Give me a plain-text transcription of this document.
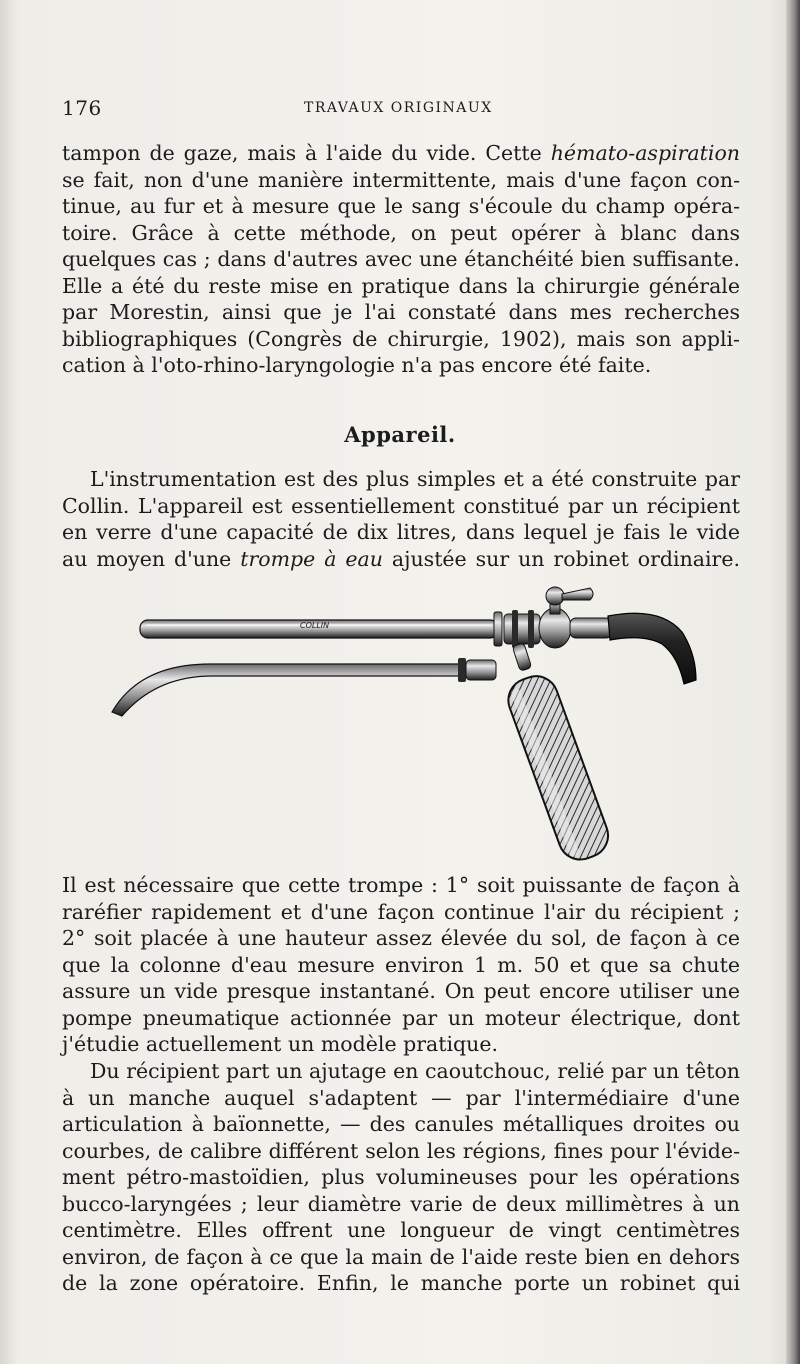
176	TRAVAUX ORIGINAUX
tampon de gaze, mais à l'aide du vide. Cette hémato-aspiration
se fait, non d'une manière intermittente, mais d'une façon con-
tinue, au fur et à mesure que le sang s'écoule du champ opéra-
toire. Grâce à cette méthode, on peut opérer à blanc dans
quelques cas ; dans d'autres avec une étanchéité bien suffisante.
Elle a été du reste mise en pratique dans la chirurgie générale
par Morestin, ainsi que je l'ai constaté dans mes recherches
bibliographiques (Congrès de chirurgie, 1902), mais son appli-
cation à l'oto-rhino-laryngologie n'a pas encore été faite.
Appareil.
L'instrumentation est des plus simples et a été construite par
Collin. L'appareil est essentiellement constitué par un récipient
en verre d'une capacité de dix litres, dans lequel je fais le vide
au moyen d'une trompe à eau ajustée sur un robinet ordinaire.
COLLIN
Il est nécessaire que cette trompe : 1° soit puissante de façon à
raréfier rapidement et d'une façon continue l'air du récipient ;
2° soit placée à une hauteur assez élevée du sol, de façon à ce
que la colonne d'eau mesure environ 1 m. 50 et que sa chute
assure un vide presque instantané. On peut encore utiliser une
pompe pneumatique actionnée par un moteur électrique, dont
j'étudie actuellement un modèle pratique.
Du récipient part un ajutage en caoutchouc, relié par un têton
à un manche auquel s'adaptent — par l'intermédiaire d'une
articulation à baïonnette, — des canules métalliques droites ou
courbes, de calibre différent selon les régions, fines pour l'évide-
ment pétro-mastoïdien, plus volumineuses pour les opérations
bucco-laryngées ; leur diamètre varie de deux millimètres à un
centimètre. Elles offrent une longueur de vingt centimètres
environ, de façon à ce que la main de l'aide reste bien en dehors
de la zone opératoire. Enfin, le manche porte un robinet qui
